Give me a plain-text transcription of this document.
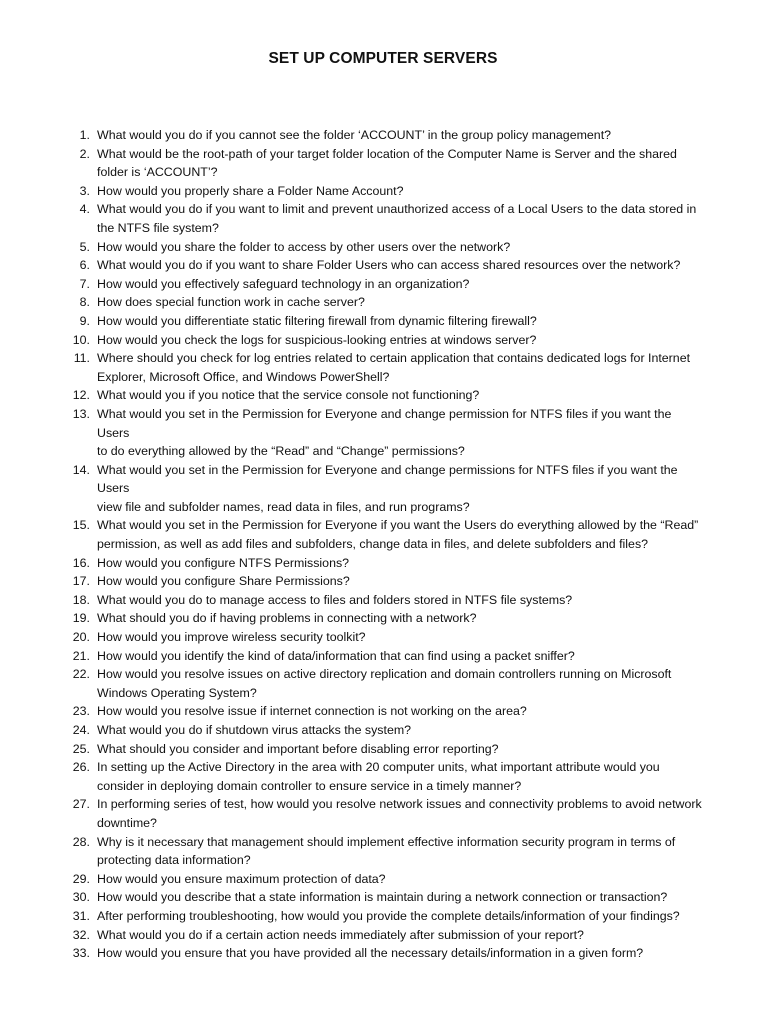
SET UP COMPUTER SERVERS
1. What would you do if you cannot see the folder ‘ACCOUNT’ in the group policy management?
2. What would be the root-path of your target folder location of the Computer Name is Server and the shared
folder is ‘ACCOUNT’?
3. How would you properly share a Folder Name Account?
4. What would you do if you want to limit and prevent unauthorized access of a Local Users to the data stored in
the NTFS file system?
5. How would you share the folder to access by other users over the network?
6. What would you do if you want to share Folder Users who can access shared resources over the network?
7. How would you effectively safeguard technology in an organization?
8. How does special function work in cache server?
9. How would you differentiate static filtering firewall from dynamic filtering firewall?
10. How would you check the logs for suspicious-looking entries at windows server?
11. Where should you check for log entries related to certain application that contains dedicated logs for Internet
Explorer, Microsoft Office, and Windows PowerShell?
12. What would you if you notice that the service console not functioning?
13. What would you set in the Permission for Everyone and change permission for NTFS files if you want the Users
to do everything allowed by the “Read” and “Change” permissions?
14. What would you set in the Permission for Everyone and change permissions for NTFS files if you want the Users
view file and subfolder names, read data in files, and run programs?
15. What would you set in the Permission for Everyone if you want the Users do everything allowed by the “Read”
permission, as well as add files and subfolders, change data in files, and delete subfolders and files?
16. How would you configure NTFS Permissions?
17. How would you configure Share Permissions?
18. What would you do to manage access to files and folders stored in NTFS file systems?
19. What should you do if having problems in connecting with a network?
20. How would you improve wireless security toolkit?
21. How would you identify the kind of data/information that can find using a packet sniffer?
22. How would you resolve issues on active directory replication and domain controllers running on Microsoft
Windows Operating System?
23. How would you resolve issue if internet connection is not working on the area?
24. What would you do if shutdown virus attacks the system?
25. What should you consider and important before disabling error reporting?
26. In setting up the Active Directory in the area with 20 computer units, what important attribute would you
consider in deploying domain controller to ensure service in a timely manner?
27. In performing series of test, how would you resolve network issues and connectivity problems to avoid network
downtime?
28. Why is it necessary that management should implement effective information security program in terms of
protecting data information?
29. How would you ensure maximum protection of data?
30. How would you describe that a state information is maintain during a network connection or transaction?
31. After performing troubleshooting, how would you provide the complete details/information of your findings?
32. What would you do if a certain action needs immediately after submission of your report?
33. How would you ensure that you have provided all the necessary details/information in a given form?
